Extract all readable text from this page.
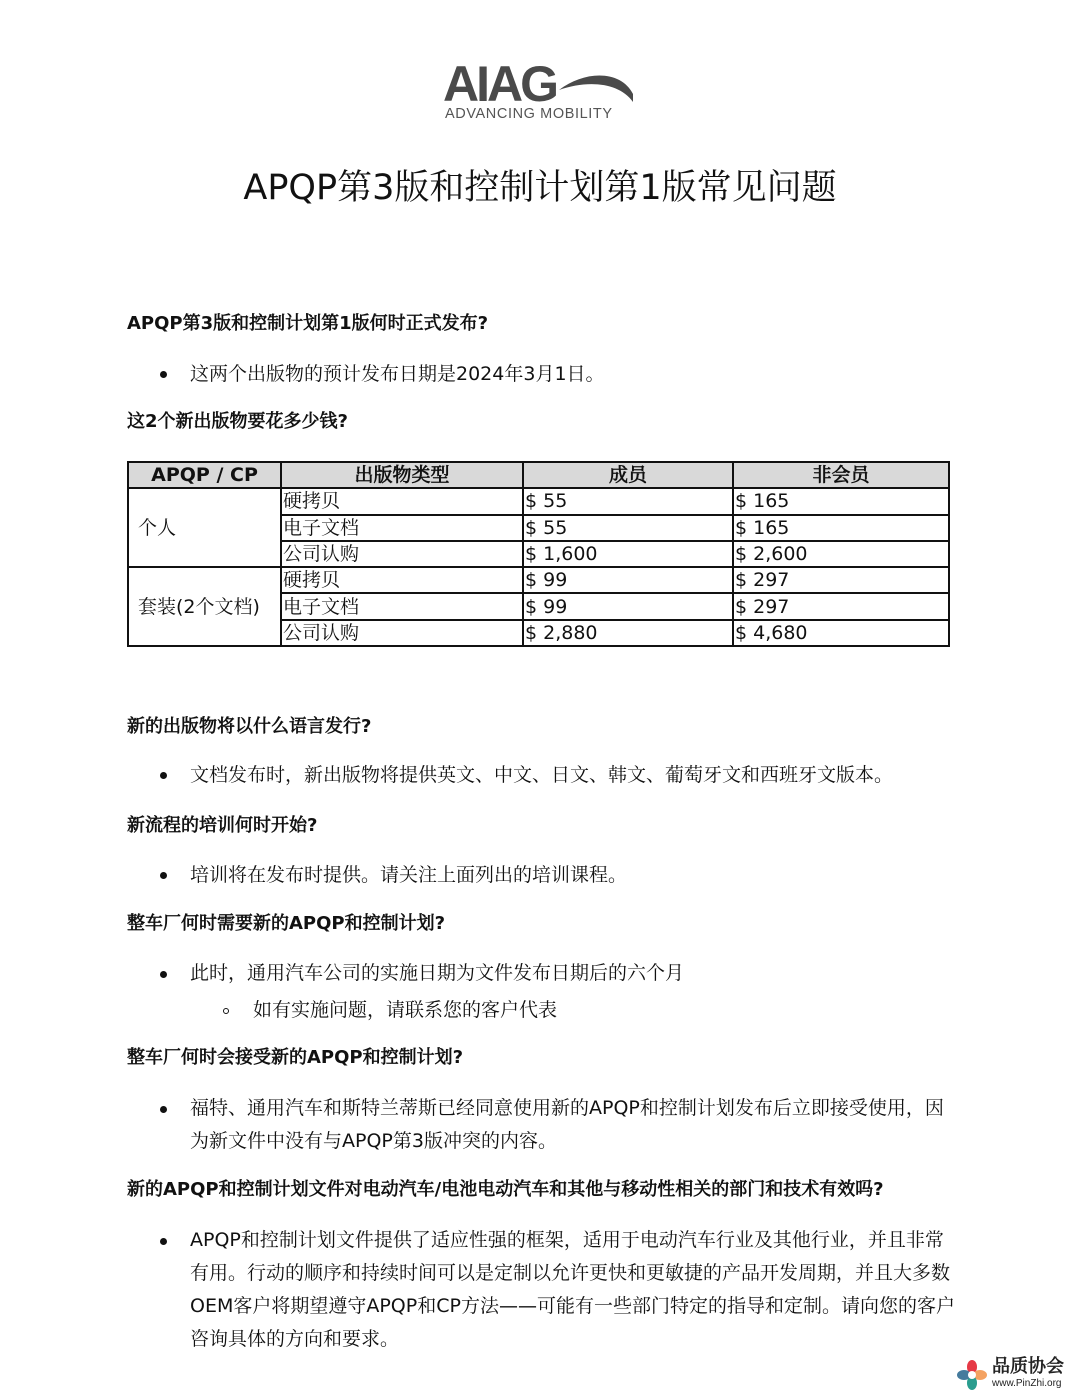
AIAG
ADVANCING MOBILITY
APQP第3版和控制计划第1版常见问题

APQP第3版和控制计划第1版何时正式发布?

这两个出版物的预计发布日期是2024年3月1日。

这2个新出版物要花多少钱?

APQP / CP	出版物类型	成员	非会员
个人	硬拷贝	$ 55	$ 165
	电子文档	$ 55	$ 165
	公司认购	$ 1,600	$ 2,600
套装(2个文档)	硬拷贝	$ 99	$ 297
	电子文档	$ 99	$ 297
	公司认购	$ 2,880	$ 4,680

新的出版物将以什么语言发行?

文档发布时，新出版物将提供英文、中文、日文、韩文、葡萄牙文和西班牙文版本。

新流程的培训何时开始?

培训将在发布时提供。请关注上面列出的培训课程。

整车厂何时需要新的APQP和控制计划?

此时，通用汽车公司的实施日期为文件发布日期后的六个月

如有实施问题，请联系您的客户代表

整车厂何时会接受新的APQP和控制计划?

福特、通用汽车和斯特兰蒂斯已经同意使用新的APQP和控制计划发布后立即接受使用，因为新文件中没有与APQP第3版冲突的内容。

新的APQP和控制计划文件对电动汽车/电池电动汽车和其他与移动性相关的部门和技术有效吗?

APQP和控制计划文件提供了适应性强的框架，适用于电动汽车行业及其他行业，并且非常有用。行动的顺序和持续时间可以是定制以允许更快和更敏捷的产品开发周期，并且大多数OEM客户将期望遵守APQP和CP方法——可能有一些部门特定的指导和定制。请向您的客户咨询具体的方向和要求。

品质协会
www.PinZhi.org
